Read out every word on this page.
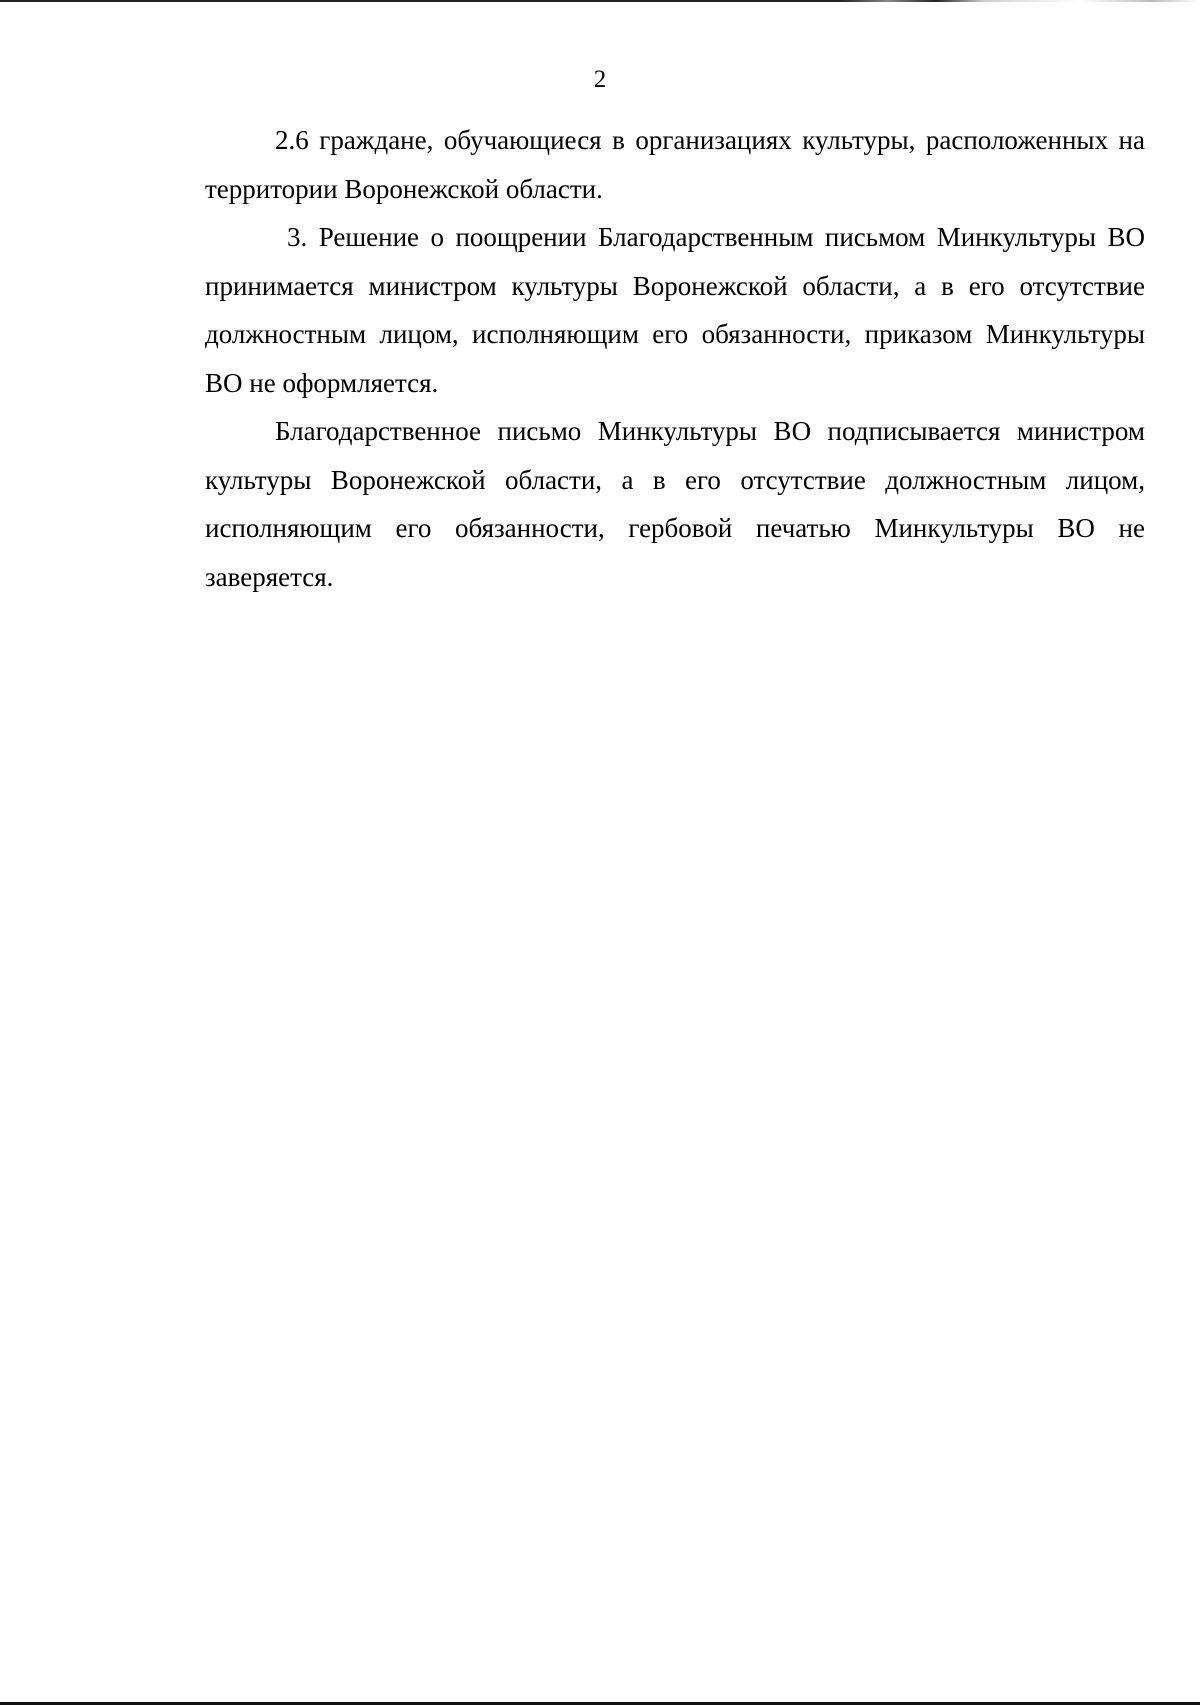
2

2.6 граждане, обучающиеся в организациях культуры, расположенных на территории Воронежской области.

3. Решение о поощрении Благодарственным письмом Минкультуры ВО принимается министром культуры Воронежской области, а в его отсутствие должностным лицом, исполняющим его обязанности, приказом Минкультуры ВО не оформляется.

Благодарственное письмо Минкультуры ВО подписывается министром культуры Воронежской области, а в его отсутствие должностным лицом, исполняющим его обязанности, гербовой печатью Минкультуры ВО не заверяется.
